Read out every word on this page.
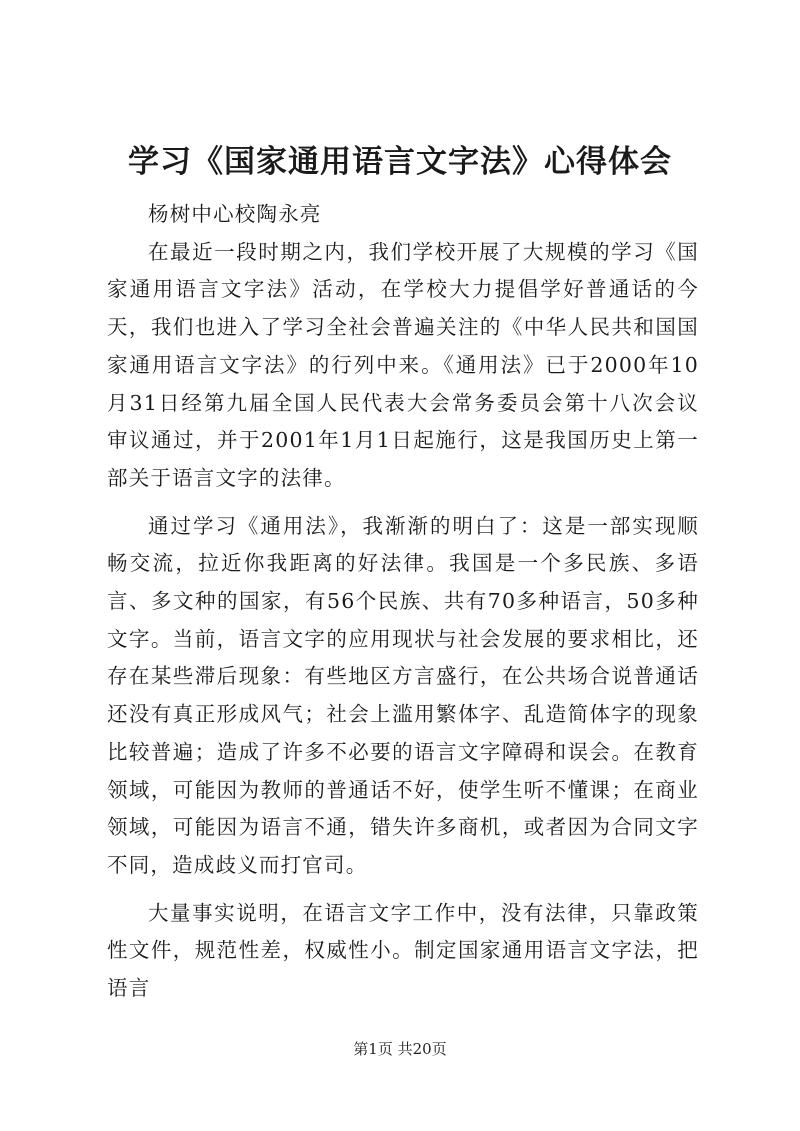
学习《国家通用语言文字法》心得体会

杨树中心校陶永亮

在最近一段时期之内，我们学校开展了大规模的学习《国家通用语言文字法》活动，在学校大力提倡学好普通话的今天，我们也进入了学习全社会普遍关注的《中华人民共和国国家通用语言文字法》的行列中来。《通用法》已于2000年10月31日经第九届全国人民代表大会常务委员会第十八次会议审议通过，并于2001年1月1日起施行，这是我国历史上第一部关于语言文字的法律。

通过学习《通用法》，我渐渐的明白了：这是一部实现顺畅交流，拉近你我距离的好法律。我国是一个多民族、多语言、多文种的国家，有56个民族、共有70多种语言，50多种文字。当前，语言文字的应用现状与社会发展的要求相比，还存在某些滞后现象：有些地区方言盛行，在公共场合说普通话还没有真正形成风气；社会上滥用繁体字、乱造简体字的现象比较普遍；造成了许多不必要的语言文字障碍和误会。在教育领域，可能因为教师的普通话不好，使学生听不懂课；在商业领域，可能因为语言不通，错失许多商机，或者因为合同文字不同，造成歧义而打官司。

大量事实说明，在语言文字工作中，没有法律，只靠政策性文件，规范性差，权威性小。制定国家通用语言文字法，把语言

第1页 共20页
